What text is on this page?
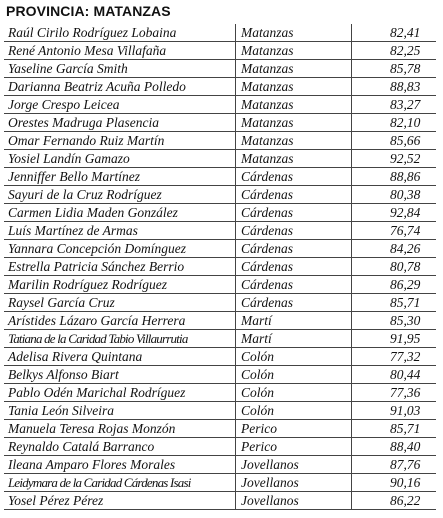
PROVINCIA: MATANZAS
Raúl Cirilo Rodríguez Lobaina	Matanzas	82,41
René Antonio Mesa Villafaña	Matanzas	82,25
Yaseline García Smith	Matanzas	85,78
Darianna Beatriz Acuña Polledo	Matanzas	88,83
Jorge Crespo Leicea	Matanzas	83,27
Orestes Madruga Plasencia	Matanzas	82,10
Omar Fernando Ruiz Martín	Matanzas	85,66
Yosiel Landín Gamazo	Matanzas	92,52
Jenniffer Bello Martínez	Cárdenas	88,86
Sayuri de la Cruz Rodríguez	Cárdenas	80,38
Carmen Lidia Maden González	Cárdenas	92,84
Luís Martínez de Armas	Cárdenas	76,74
Yannara Concepción Domínguez	Cárdenas	84,26
Estrella Patricia Sánchez Berrio	Cárdenas	80,78
Marilin Rodríguez Rodríguez	Cárdenas	86,29
Raysel García Cruz	Cárdenas	85,71
Arístides Lázaro García Herrera	Martí	85,30
Tatiana de la Caridad Tabio Villaurrutia	Martí	91,95
Adelisa Rivera Quintana	Colón	77,32
Belkys Alfonso Biart	Colón	80,44
Pablo Odén Marichal Rodríguez	Colón	77,36
Tania León Silveira	Colón	91,03
Manuela Teresa Rojas Monzón	Perico	85,71
Reynaldo Catalá Barranco	Perico	88,40
Ileana Amparo Flores Morales	Jovellanos	87,76
Leidymara de la Caridad Cárdenas Isasi	Jovellanos	90,16
Yosel Pérez Pérez	Jovellanos	86,22
